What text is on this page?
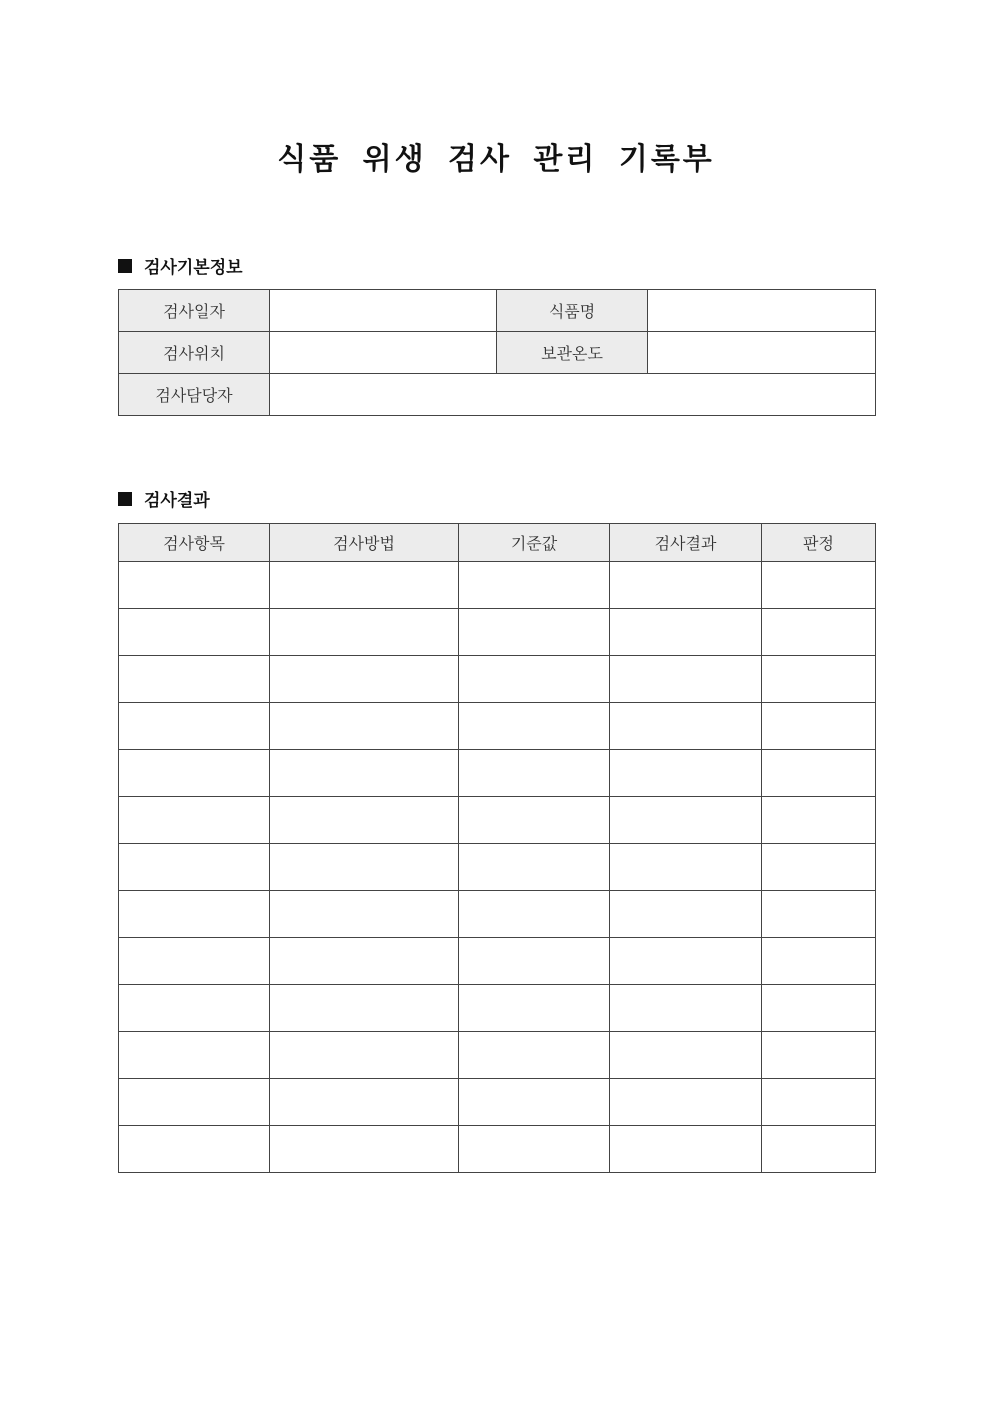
식품 위생 검사 관리 기록부
검사기본정보
검사일자		식품명	
검사위치		보관온도	
검사담당자			
검사결과
검사항목	검사방법	기준값	검사결과	판정
